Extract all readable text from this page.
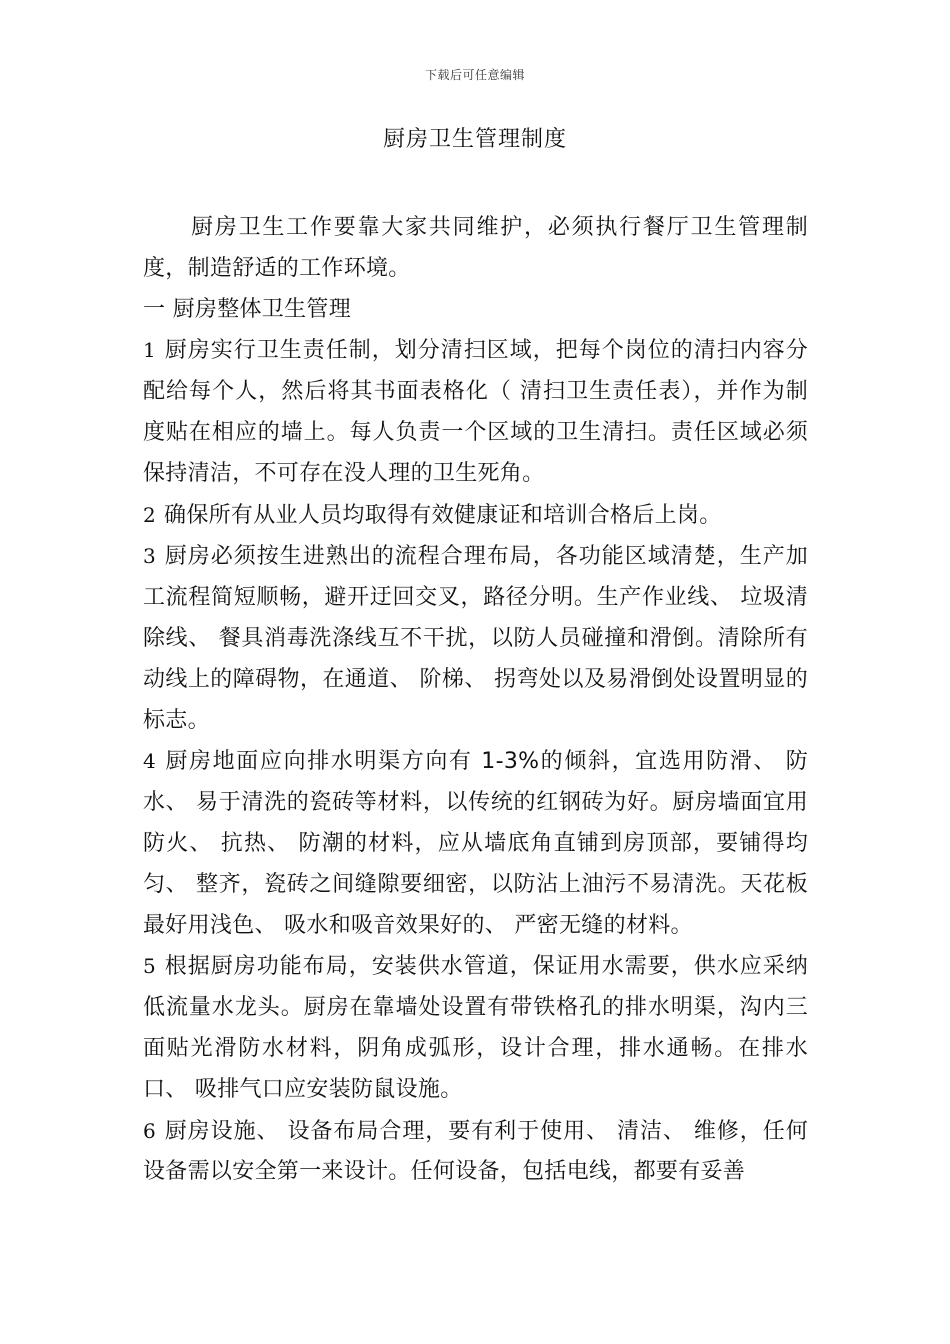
下载后可任意编辑
厨房卫生管理制度

厨房卫生工作要靠大家共同维护，必须执行餐厅卫生管理制度，制造舒适的工作环境。

一 厨房整体卫生管理

1 厨房实行卫生责任制，划分清扫区域，把每个岗位的清扫内容分配给每个人，然后将其书面表格化（ 清扫卫生责任表），并作为制度贴在相应的墙上。每人负责一个区域的卫生清扫。责任区域必须保持清洁，不可存在没人理的卫生死角。

2 确保所有从业人员均取得有效健康证和培训合格后上岗。

3 厨房必须按生进熟出的流程合理布局，各功能区域清楚，生产加工流程简短顺畅，避开迂回交叉，路径分明。生产作业线、 垃圾清除线、 餐具消毒洗涤线互不干扰，以防人员碰撞和滑倒。清除所有动线上的障碍物，在通道、 阶梯、 拐弯处以及易滑倒处设置明显的标志。

4 厨房地面应向排水明渠方向有 1-3%的倾斜，宜选用防滑、 防水、 易于清洗的瓷砖等材料，以传统的红钢砖为好。厨房墙面宜用防火、 抗热、 防潮的材料，应从墙底角直铺到房顶部，要铺得均匀、 整齐，瓷砖之间缝隙要细密，以防沾上油污不易清洗。天花板最好用浅色、 吸水和吸音效果好的、 严密无缝的材料。

5 根据厨房功能布局，安装供水管道，保证用水需要，供水应采纳低流量水龙头。厨房在靠墙处设置有带铁格孔的排水明渠，沟内三面贴光滑防水材料，阴角成弧形，设计合理，排水通畅。在排水口、 吸排气口应安装防鼠设施。

6 厨房设施、 设备布局合理，要有利于使用、 清洁、 维修，任何设备需以安全第一来设计。任何设备，包括电线，都要有妥善
